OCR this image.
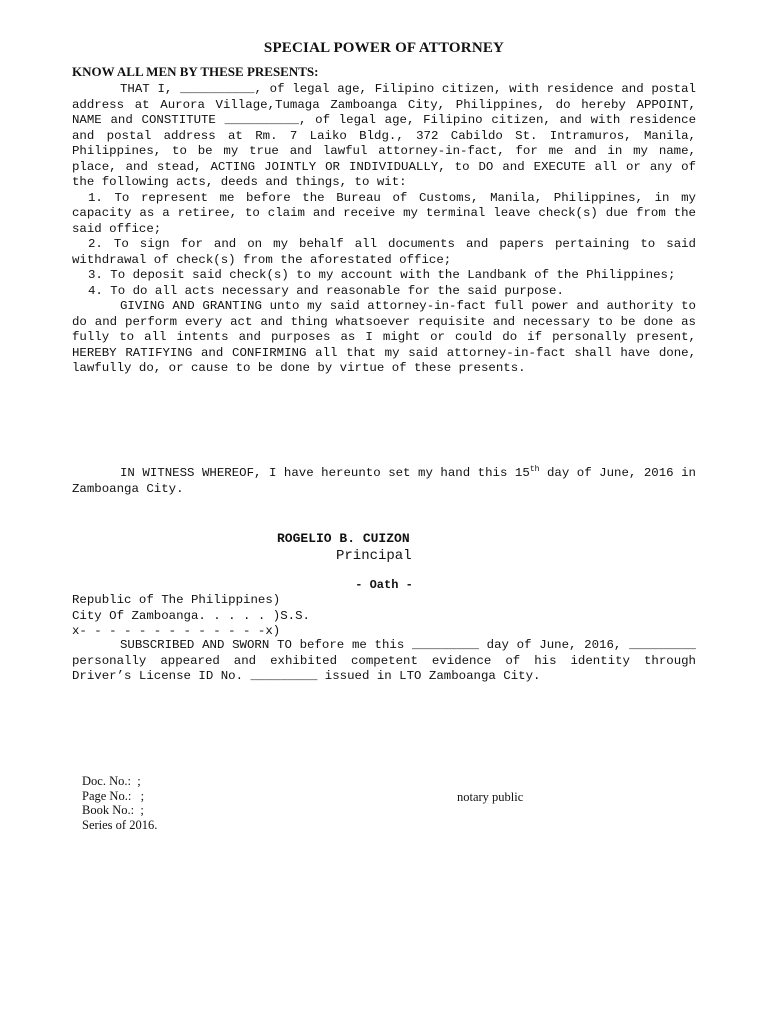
SPECIAL POWER OF ATTORNEY
KNOW ALL MEN BY THESE PRESENTS:

THAT I, __________, of legal age, Filipino citizen, with residence and postal address at Aurora Village,Tumaga Zamboanga City, Philippines, do hereby APPOINT, NAME and CONSTITUTE __________, of legal age, Filipino citizen, and with residence and postal address at Rm. 7 Laiko Bldg., 372 Cabildo St. Intramuros, Manila, Philippines, to be my true and lawful attorney-in-fact, for me and in my name, place, and stead, ACTING JOINTLY OR INDIVIDUALLY, to DO and EXECUTE all or any of the following acts, deeds and things, to wit:

1. To represent me before the Bureau of Customs, Manila, Philippines, in my capacity as a retiree, to claim and receive my terminal leave check(s) due from the said office;

2. To sign for and on my behalf all documents and papers pertaining to said withdrawal of check(s) from the aforestated office;

3. To deposit said check(s) to my account with the Landbank of the Philippines;

4. To do all acts necessary and reasonable for the said purpose.

GIVING AND GRANTING unto my said attorney-in-fact full power and authority to do and perform every act and thing whatsoever requisite and necessary to be done as fully to all intents and purposes as I might or could do if personally present, HEREBY RATIFYING and CONFIRMING all that my said attorney-in-fact shall have done, lawfully do, or cause to be done by virtue of these presents.

IN WITNESS WHEREOF, I have hereunto set my hand this 15th day of June, 2016 in Zamboanga City.

ROGELIO B. CUIZON
Principal
- Oath -

Republic of The Philippines)

City Of Zamboanga. . . . . )S.S.

x- - - - - - - - - - - - -x)

SUBSCRIBED AND SWORN TO before me this _________ day of June, 2016, _________ personally appeared and exhibited competent evidence of his identity through Driver’s License ID No. _________ issued in LTO Zamboanga City.

Doc. No.:  ;
Page No.:   ;
Book No.:  ;
Series of 2016.
notary public
